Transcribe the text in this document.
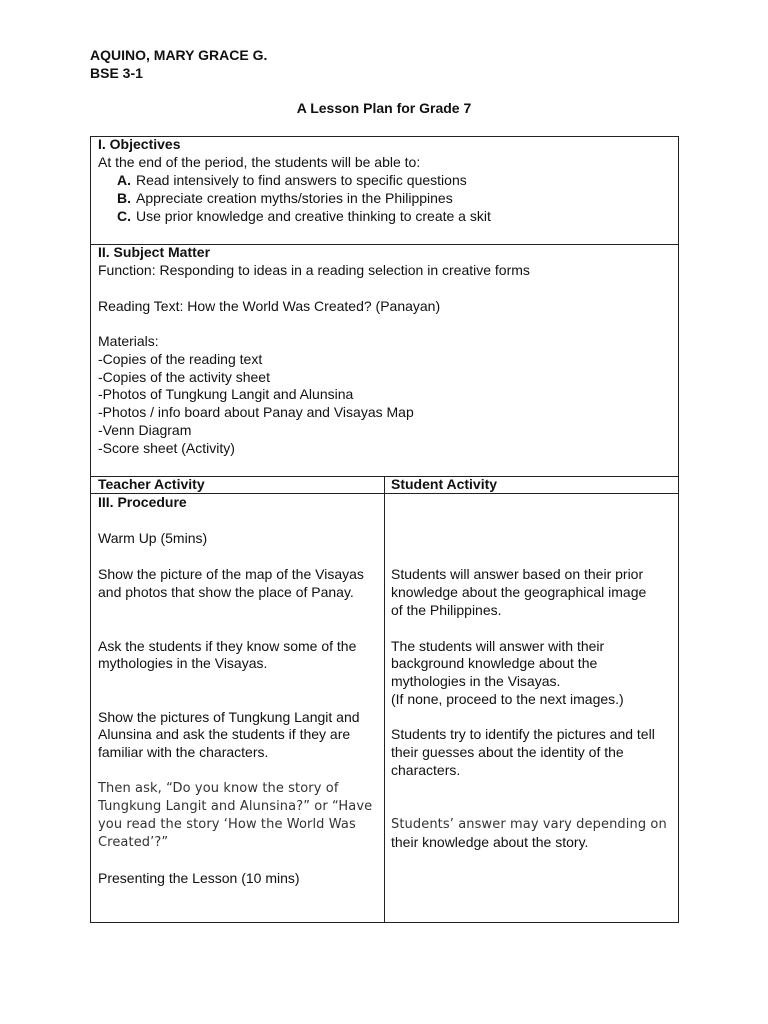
AQUINO, MARY GRACE G.
BSE 3-1
A Lesson Plan for Grade 7
I. Objectives
At the end of the period, the students will be able to:
A. Read intensively to find answers to specific questions
B. Appreciate creation myths/stories in the Philippines
C. Use prior knowledge and creative thinking to create a skit
II. Subject Matter
Function: Responding to ideas in a reading selection in creative forms
Reading Text: How the World Was Created? (Panayan)
Materials:
-Copies of the reading text
-Copies of the activity sheet
-Photos of Tungkung Langit and Alunsina
-Photos / info board about Panay and Visayas Map
-Venn Diagram
-Score sheet (Activity)
Teacher Activity	Student Activity
III. Procedure
Warm Up (5mins)
Show the picture of the map of the Visayas
and photos that show the place of Panay.
Ask the students if they know some of the
mythologies in the Visayas.
Show the pictures of Tungkung Langit and
Alunsina and ask the students if they are
familiar with the characters.
Then ask, “Do you know the story of
Tungkung Langit and Alunsina?” or “Have
you read the story ‘How the World Was
Created’?”
Presenting the Lesson (10 mins)
Students will answer based on their prior
knowledge about the geographical image
of the Philippines.
The students will answer with their
background knowledge about the
mythologies in the Visayas.
(If none, proceed to the next images.)
Students try to identify the pictures and tell
their guesses about the identity of the
characters.
Students’ answer may vary depending on
their knowledge about the story.
